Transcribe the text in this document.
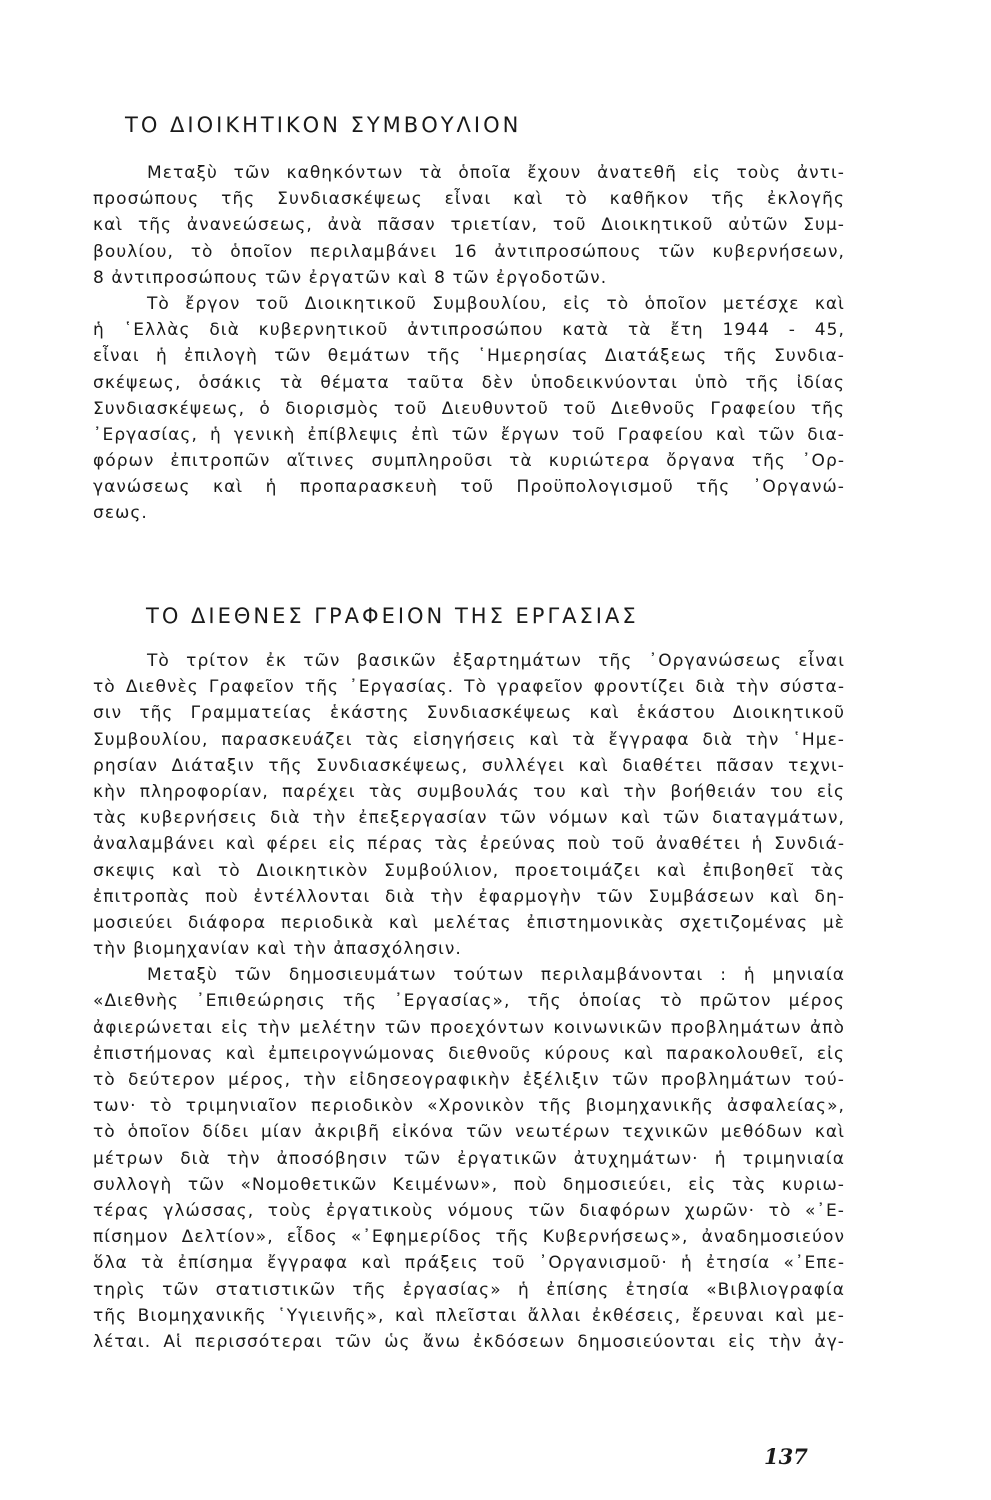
ΤΟ ΔΙΟΙΚΗΤΙΚΟΝ ΣΥΜΒΟΥΛΙΟΝ
Μεταξὺ τῶν καθηκόντων τὰ ὁποῖα ἔχουν ἀνατεθῆ εἰς τοὺς ἀντι-
προσώπους τῆς Συνδιασκέψεως εἶναι καὶ τὸ καθῆκον τῆς ἐκλογῆς
καὶ τῆς ἀνανεώσεως, ἀνὰ πᾶσαν τριετίαν, τοῦ Διοικητικοῦ αὐτῶν Συμ-
βουλίου, τὸ ὁποῖον περιλαμβάνει 16 ἀντιπροσώπους τῶν κυβερνήσεων,
8 ἀντιπροσώπους τῶν ἐργατῶν καὶ 8 τῶν ἐργοδοτῶν.
Τὸ ἔργον τοῦ Διοικητικοῦ Συμβουλίου, εἰς τὸ ὁποῖον μετέσχε καὶ
ἡ ῾Ελλὰς διὰ κυβερνητικοῦ ἀντιπροσώπου κατὰ τὰ ἔτη 1944 - 45,
εἶναι ἡ ἐπιλογὴ τῶν θεμάτων τῆς ῾Ημερησίας Διατάξεως τῆς Συνδια-
σκέψεως, ὁσάκις τὰ θέματα ταῦτα δὲν ὑποδεικνύονται ὑπὸ τῆς ἰδίας
Συνδιασκέψεως, ὁ διορισμὸς τοῦ Διευθυντοῦ τοῦ Διεθνοῦς Γραφείου τῆς
᾿Εργασίας, ἡ γενικὴ ἐπίβλεψις ἐπὶ τῶν ἔργων τοῦ Γραφείου καὶ τῶν δια-
φόρων ἐπιτροπῶν αἵτινες συμπληροῦσι τὰ κυριώτερα ὄργανα τῆς ᾿Ορ-
γανώσεως καὶ ἡ προπαρασκευὴ τοῦ Προϋπολογισμοῦ τῆς ᾿Οργανώ-
σεως.
ΤΟ ΔΙΕΘΝΕΣ ΓΡΑΦΕΙΟΝ ΤΗΣ ΕΡΓΑΣΙΑΣ
Τὸ τρίτον ἐκ τῶν βασικῶν ἐξαρτημάτων τῆς ᾿Οργανώσεως εἶναι
τὸ Διεθνὲς Γραφεῖον τῆς ᾿Εργασίας. Τὸ γραφεῖον φροντίζει διὰ τὴν σύστα-
σιν τῆς Γραμματείας ἑκάστης Συνδιασκέψεως καὶ ἑκάστου Διοικητικοῦ
Συμβουλίου, παρασκευάζει τὰς εἰσηγήσεις καὶ τὰ ἔγγραφα διὰ τὴν ῾Ημε-
ρησίαν Διάταξιν τῆς Συνδιασκέψεως, συλλέγει καὶ διαθέτει πᾶσαν τεχνι-
κὴν πληροφορίαν, παρέχει τὰς συμβουλάς του καὶ τὴν βοήθειάν του εἰς
τὰς κυβερνήσεις διὰ τὴν ἐπεξεργασίαν τῶν νόμων καὶ τῶν διαταγμάτων,
ἀναλαμβάνει καὶ φέρει εἰς πέρας τὰς ἐρεύνας ποὺ τοῦ ἀναθέτει ἡ Συνδιά-
σκεψις καὶ τὸ Διοικητικὸν Συμβούλιον, προετοιμάζει καὶ ἐπιβοηθεῖ τὰς
ἐπιτροπὰς ποὺ ἐντέλλονται διὰ τὴν ἐφαρμογὴν τῶν Συμβάσεων καὶ δη-
μοσιεύει διάφορα περιοδικὰ καὶ μελέτας ἐπιστημονικὰς σχετιζομένας μὲ
τὴν βιομηχανίαν καὶ τὴν ἀπασχόλησιν.
Μεταξὺ τῶν δημοσιευμάτων τούτων περιλαμβάνονται : ἡ μηνιαία
«Διεθνὴς ᾿Επιθεώρησις τῆς ᾿Εργασίας», τῆς ὁποίας τὸ πρῶτον μέρος
ἀφιερώνεται εἰς τὴν μελέτην τῶν προεχόντων κοινωνικῶν προβλημάτων ἀπὸ
ἐπιστήμονας καὶ ἐμπειρογνώμονας διεθνοῦς κύρους καὶ παρακολουθεῖ, εἰς
τὸ δεύτερον μέρος, τὴν εἰδησεογραφικὴν ἐξέλιξιν τῶν προβλημάτων τού-
των· τὸ τριμηνιαῖον περιοδικὸν «Χρονικὸν τῆς βιομηχανικῆς ἀσφαλείας»,
τὸ ὁποῖον δίδει μίαν ἀκριβῆ εἰκόνα τῶν νεωτέρων τεχνικῶν μεθόδων καὶ
μέτρων διὰ τὴν ἀποσόβησιν τῶν ἐργατικῶν ἀτυχημάτων· ἡ τριμηνιαία
συλλογὴ τῶν «Νομοθετικῶν Κειμένων», ποὺ δημοσιεύει, εἰς τὰς κυριω-
τέρας γλώσσας, τοὺς ἐργατικοὺς νόμους τῶν διαφόρων χωρῶν· τὸ «᾿Ε-
πίσημον Δελτίον», εἶδος «᾿Εφημερίδος τῆς Κυβερνήσεως», ἀναδημοσιεύον
ὅλα τὰ ἐπίσημα ἔγγραφα καὶ πράξεις τοῦ ᾿Οργανισμοῦ· ἡ ἐτησία «᾿Επε-
τηρὶς τῶν στατιστικῶν τῆς ἐργασίας» ἡ ἐπίσης ἐτησία «Βιβλιογραφία
τῆς Βιομηχανικῆς ῾Υγιεινῆς», καὶ πλεῖσται ἄλλαι ἐκθέσεις, ἔρευναι καὶ με-
λέται. Αἱ περισσότεραι τῶν ὡς ἄνω ἐκδόσεων δημοσιεύονται εἰς τὴν ἀγ-

137
